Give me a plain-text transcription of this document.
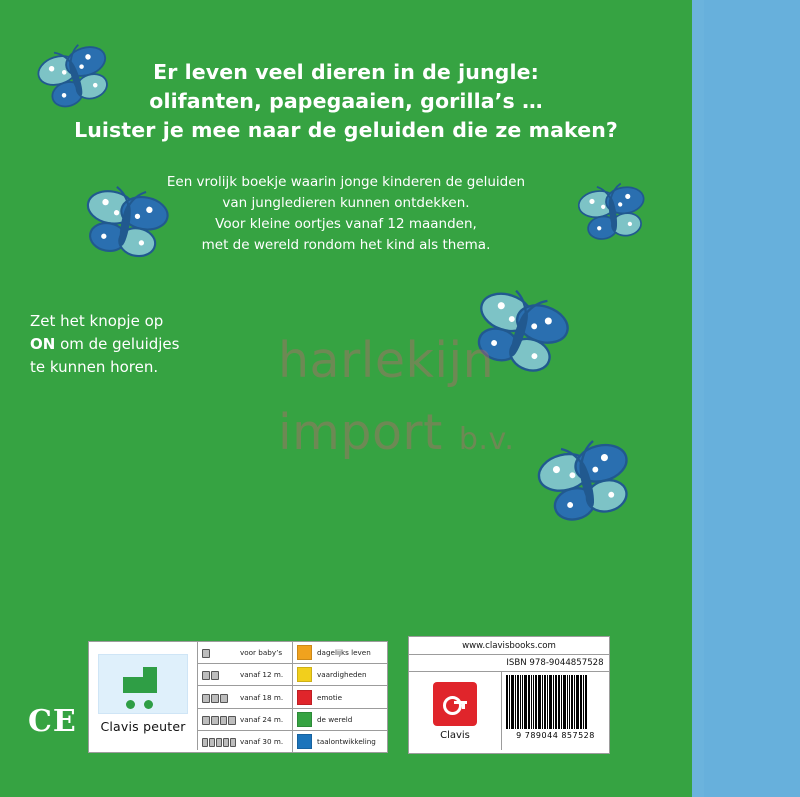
Er leven veel dieren in de jungle:
olifanten, papegaaien, gorilla’s …
Luister je mee naar de geluiden die ze maken?
Een vrolijk boekje waarin jonge kinderen de geluiden
van jungledieren kunnen ontdekken.
Voor kleine oortjes vanaf 12 maanden,
met de wereld rondom het kind als thema.
Zet het knopje op
ON om de geluidjes
te kunnen horen.	harlekijn
import b.v.
CE Clavis peuter
voor baby’s
vanaf 12 m.
vanaf 18 m.
vanaf 24 m.
vanaf 30 m.
dagelijks leven
vaardigheden
emotie
de wereld
taalontwikkeling
www.clavisbooks.com
ISBN 978-9044857528
Clavis	9 789044 857528
